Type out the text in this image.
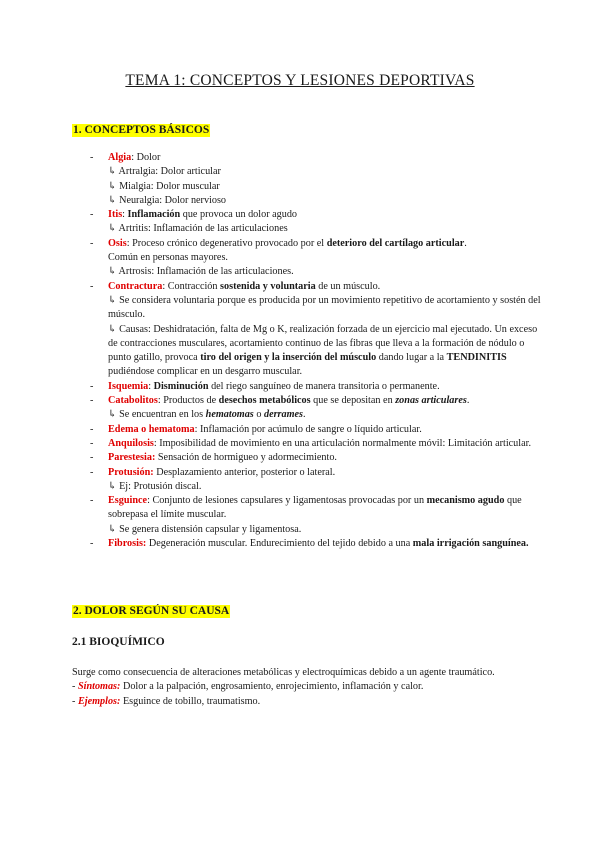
TEMA 1: CONCEPTOS Y LESIONES DEPORTIVAS
1. CONCEPTOS BÁSICOS
- Algia: Dolor
↳ Artralgia: Dolor articular
↳ Mialgia: Dolor muscular
↳ Neuralgia: Dolor nervioso
- Itis: Inflamación que provoca un dolor agudo
↳ Artritis: Inflamación de las articulaciones
- Osis: Proceso crónico degenerativo provocado por el deterioro del cartílago articular.
Común en personas mayores.
↳ Artrosis: Inflamación de las articulaciones.
- Contractura: Contracción sostenida y voluntaria de un músculo.
↳ Se considera voluntaria porque es producida por un movimiento repetitivo de acortamiento y sostén del músculo.
↳ Causas: Deshidratación, falta de Mg o K, realización forzada de un ejercicio mal ejecutado. Un exceso de contracciones musculares, acortamiento continuo de las fibras que lleva a la formación de nódulo o punto gatillo, provoca tiro del origen y la inserción del músculo dando lugar a la TENDINITIS pudiéndose complicar en un desgarro muscular.
- Isquemia: Disminución del riego sanguíneo de manera transitoria o permanente.
- Catabolitos: Productos de desechos metabólicos que se depositan en zonas articulares.
↳ Se encuentran en los hematomas o derrames.
- Edema o hematoma: Inflamación por acúmulo de sangre o líquido articular.
- Anquilosis: Imposibilidad de movimiento en una articulación normalmente móvil: Limitación articular.
- Parestesia: Sensación de hormigueo y adormecimiento.
- Protusión: Desplazamiento anterior, posterior o lateral.
↳ Ej: Protusión discal.
- Esguince: Conjunto de lesiones capsulares y ligamentosas provocadas por un mecanismo agudo que sobrepasa el límite muscular.
↳ Se genera distensión capsular y ligamentosa.
- Fibrosis: Degeneración muscular. Endurecimiento del tejido debido a una mala irrigación sanguínea.
2. DOLOR SEGÚN SU CAUSA
2.1 BIOQUÍMICO
Surge como consecuencia de alteraciones metabólicas y electroquímicas debido a un agente traumático.
- Síntomas: Dolor a la palpación, engrosamiento, enrojecimiento, inflamación y calor.
- Ejemplos: Esguince de tobillo, traumatismo.
